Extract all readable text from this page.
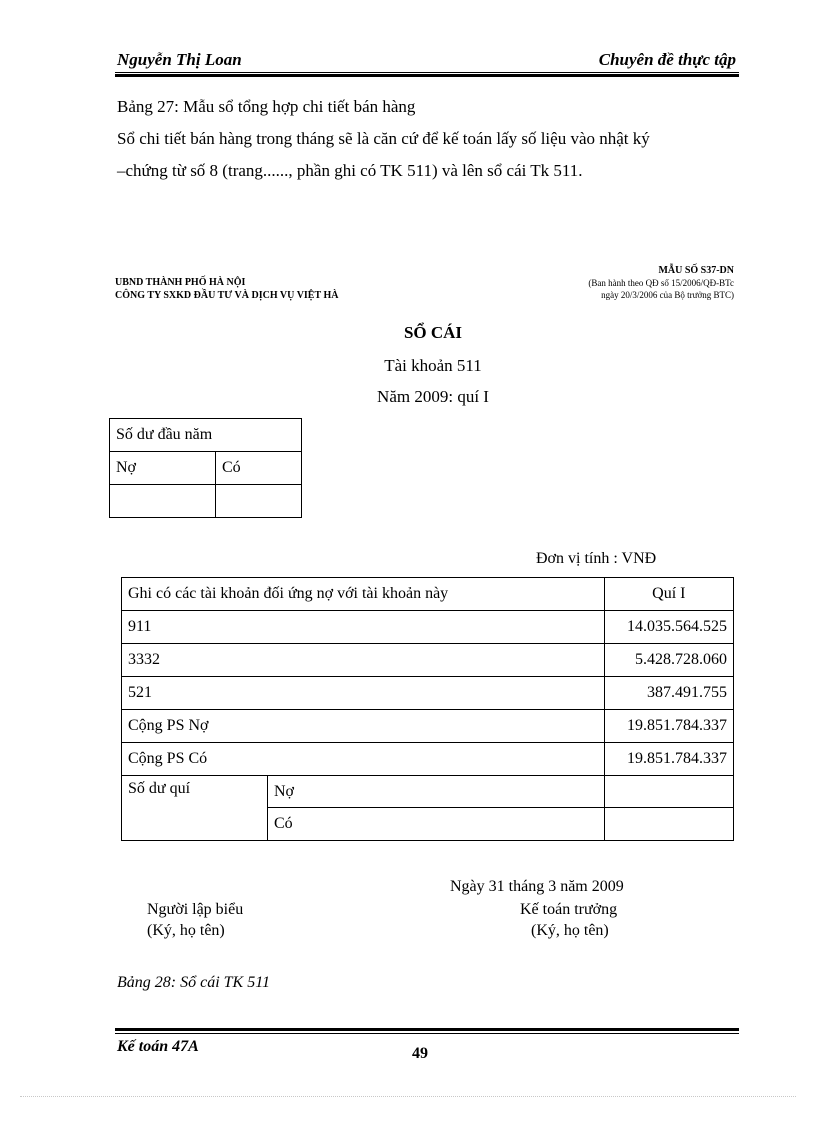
Nguyễn Thị Loan	Chuyên đề thực tập
Bảng 27: Mẫu sổ tổng hợp chi tiết bán hàng
Sổ chi tiết bán hàng trong tháng sẽ là căn cứ để kế toán lấy số liệu vào nhật ký
–chứng từ số 8 (trang......, phần ghi có TK 511) và lên sổ cái Tk 511.
UBND THÀNH PHỐ HÀ NỘI
CÔNG TY SXKD ĐẦU TƯ VÀ DỊCH VỤ VIỆT HÀ
MẪU SỐ S37-DN
(Ban hành theo QĐ số 15/2006/QĐ-BTc
ngày 20/3/2006 của Bộ trưởng BTC)
SỔ CÁI
Tài khoản 511
Năm 2009: quí I
Số dư đầu năm	
Nợ	Có

Đơn vị tính : VNĐ
Ghi có các tài khoản đối ứng nợ với tài khoản này		Quí I
911		14.035.564.525
3332		5.428.728.060
521		387.491.755
Cộng PS Nợ		19.851.784.337
Cộng PS Có		19.851.784.337
Số dư quí	Nợ	
	Có	
Ngày 31 tháng 3 năm 2009
Người lập biểu
(Ký, họ tên)
Kế toán trưởng
(Ký, họ tên)
Bảng 28: Sổ cái TK 511
Kế toán 47A	49
